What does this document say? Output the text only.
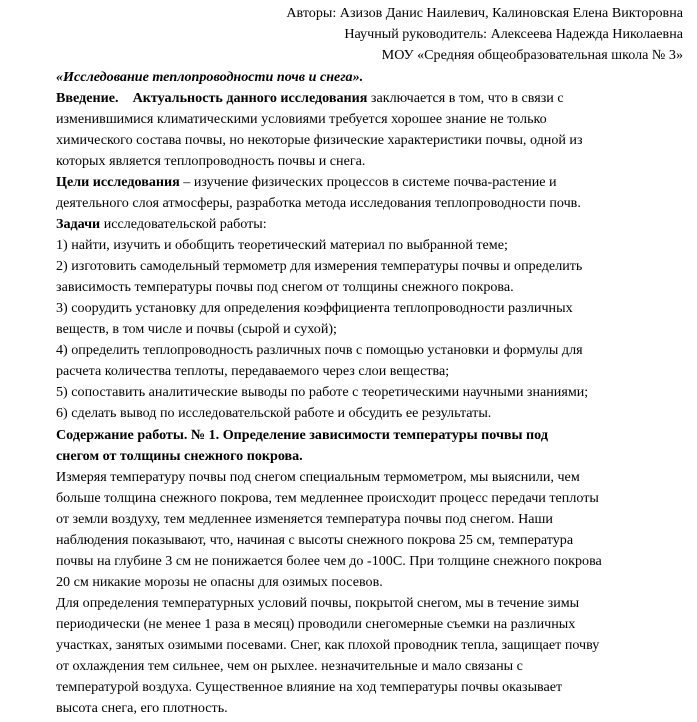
Авторы: Азизов Данис Наилевич, Калиновская Елена Викторовна
Научный руководитель: Алексеева Надежда Николаевна
МОУ «Средняя общеобразовательная школа № 3»
«Исследование теплопроводности почв и снега».
Введение. Актуальность данного исследования заключается в том, что в связи с
изменившимися климатическими условиями требуется хорошее знание не только
химического состава почвы, но некоторые физические характеристики почвы, одной из
которых является теплопроводность почвы и снега.
Цели исследования – изучение физических процессов в системе почва-растение и
деятельного слоя атмосферы, разработка метода исследования теплопроводности почв.
Задачи исследовательской работы:
1) найти, изучить и обобщить теоретический материал по выбранной теме;
2) изготовить самодельный термометр для измерения температуры почвы и определить
зависимость температуры почвы под снегом от толщины снежного покрова.
3) соорудить установку для определения коэффициента теплопроводности различных
веществ, в том числе и почвы (сырой и сухой);
4) определить теплопроводность различных почв с помощью установки и формулы для
расчета количества теплоты, передаваемого через слои вещества;
5) сопоставить аналитические выводы по работе с теоретическими научными знаниями;
6) сделать вывод по исследовательской работе и обсудить ее результаты.
Содержание работы. № 1. Определение зависимости температуры почвы под
снегом от толщины снежного покрова.
Измеряя температуру почвы под снегом специальным термометром, мы выяснили, чем
больше толщина снежного покрова, тем медленнее происходит процесс передачи теплоты
от земли воздуху, тем медленнее изменяется температура почвы под снегом. Наши
наблюдения показывают, что, начиная с высоты снежного покрова 25 см, температура
почвы на глубине 3 см не понижается более чем до -100С. При толщине снежного покрова
20 см никакие морозы не опасны для озимых посевов.
Для определения температурных условий почвы, покрытой снегом, мы в течение зимы
периодически (не менее 1 раза в месяц) проводили снегомерные съемки на различных
участках, занятых озимыми посевами. Снег, как плохой проводник тепла, защищает почву
от охлаждения тем сильнее, чем он рыхлее. незначительные и мало связаны с
температурой воздуха. Существенное влияние на ход температуры почвы оказывает
высота снега, его плотность.
